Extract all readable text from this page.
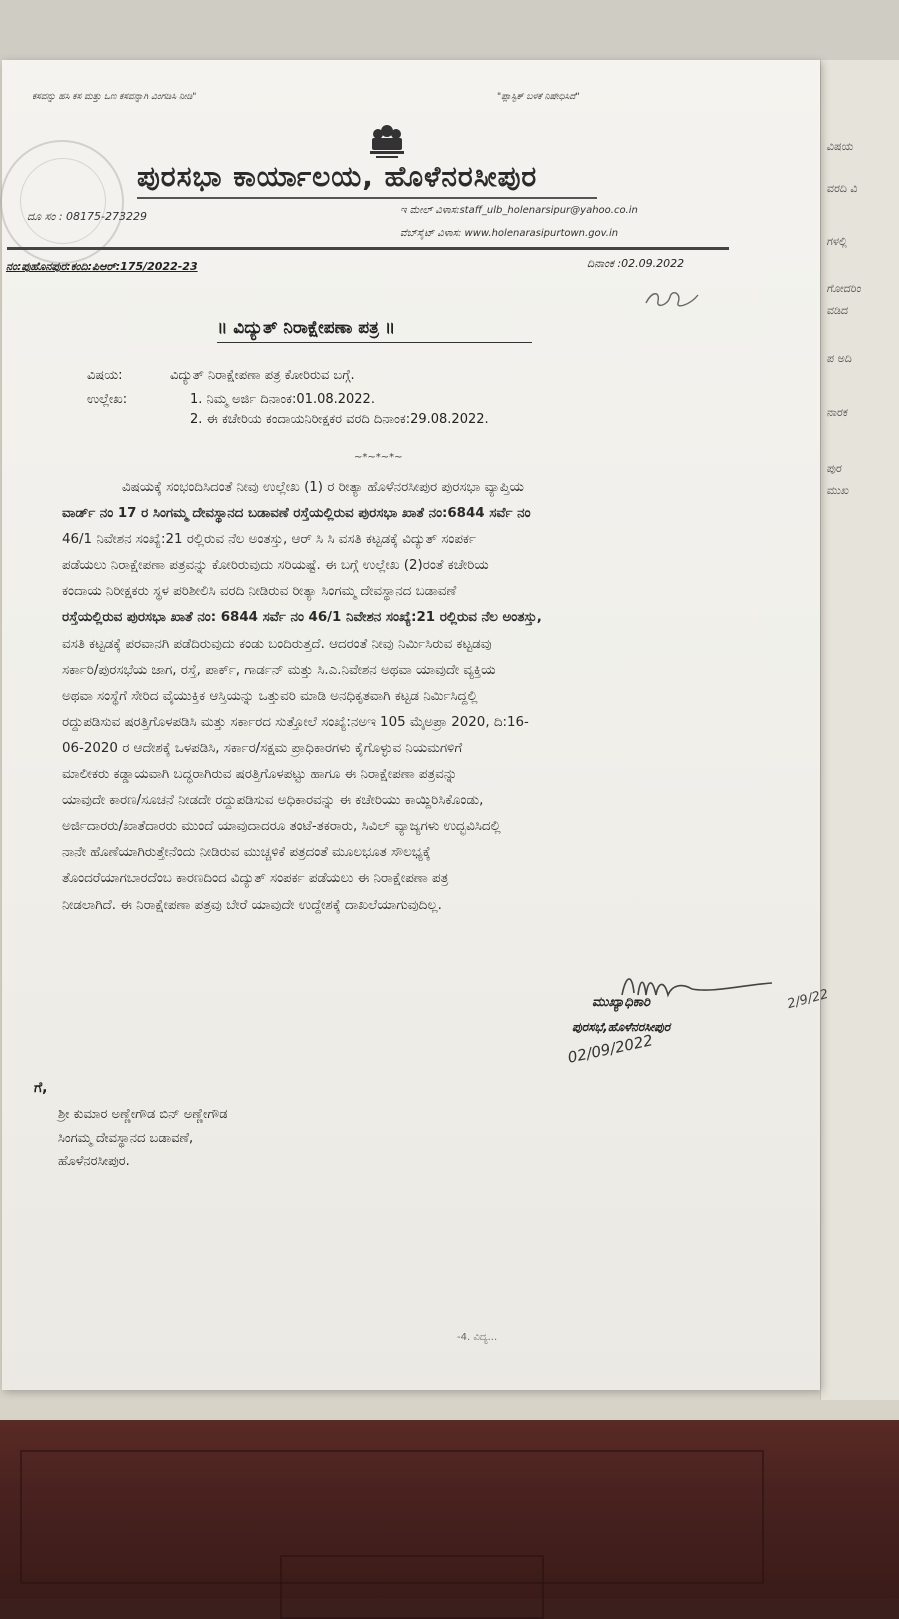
ವಿಷಯ
ವರದಿ ವಿ
ಗಳಲ್ಲಿ
ಗೋದರಿಂ
ವಡಿದ
ಪ ಅದಿ
ನಾರಕ
ಪುರ
ಮುಖ
ಕಸವನ್ನು ಹಸಿ ಕಸ ಮತ್ತು ಒಣ ಕಸವನ್ನಾಗಿ ವಿಂಗಡಿಸಿ ನೀಡಿ"	"ಪ್ಲಾಸ್ಟಿಕ್ ಬಳಕೆ ನಿಷೇಧಿಸಿದೆ"
ಪುರಸಭಾ ಕಾರ್ಯಾಲಯ, ಹೊಳೆನರಸೀಪುರ
ದೂ ಸಂ : 08175-273229	ಇ ಮೇಲ್ ವಿಳಾಸ:staff_ulb_holenarsipur@yahoo.co.in
ವೆಬ್‌ಸೈಟ್ ವಿಳಾಸ: www.holenarasipurtown.gov.in
ನಂ:ಪುಹೊನಪುರ:ಕಂದಿ:ಪಿಆರ್:175/2022-23	ದಿನಾಂಕ :02.09.2022
॥ ವಿದ್ಯುತ್ ನಿರಾಕ್ಷೇಪಣಾ ಪತ್ರ ॥
ವಿಷಯ:	ವಿದ್ಯುತ್ ನಿರಾಕ್ಷೇಪಣಾ ಪತ್ರ ಕೋರಿರುವ ಬಗ್ಗೆ.
ಉಲ್ಲೇಖ:	1. ನಿಮ್ಮ ಅರ್ಜಿ ದಿನಾಂಕ:01.08.2022.
2. ಈ ಕಚೇರಿಯ ಕಂದಾಯನಿರೀಕ್ಷಕರ ವರದಿ ದಿನಾಂಕ:29.08.2022.
~*~*~*~
ವಿಷಯಕ್ಕೆ ಸಂಭಂದಿಸಿದಂತೆ ನೀವು ಉಲ್ಲೇಖ (1) ರ ರೀತ್ಯಾ ಹೊಳೆನರಸೀಪುರ ಪುರಸಭಾ ವ್ಯಾಪ್ತಿಯ
ವಾರ್ಡ್ ನಂ 17 ರ ಸಿಂಗಮ್ಮ ದೇವಸ್ಥಾನದ ಬಡಾವಣೆ ರಸ್ತೆಯಲ್ಲಿರುವ ಪುರಸಭಾ ಖಾತೆ ನಂ:6844 ಸರ್ವೆ ನಂ
46/1 ನಿವೇಶನ ಸಂಖ್ಯೆ:21 ರಲ್ಲಿರುವ ನೆಲ ಅಂತಸ್ತು, ಆರ್ ಸಿ ಸಿ ವಸತಿ ಕಟ್ಟಡಕ್ಕೆ ವಿದ್ಯುತ್ ಸಂಪರ್ಕ
ಪಡೆಯಲು ನಿರಾಕ್ಷೇಪಣಾ ಪತ್ರವನ್ನು ಕೋರಿರುವುದು ಸರಿಯಷ್ಟೆ. ಈ ಬಗ್ಗೆ ಉಲ್ಲೇಖ (2)ರಂತೆ ಕಚೇರಿಯ
ಕಂದಾಯ ನಿರೀಕ್ಷಕರು ಸ್ಥಳ ಪರಿಶೀಲಿಸಿ ವರದಿ ನೀಡಿರುವ ರೀತ್ಯಾ ಸಿಂಗಮ್ಮ ದೇವಸ್ಥಾನದ ಬಡಾವಣೆ
ರಸ್ತೆಯಲ್ಲಿರುವ ಪುರಸಭಾ ಖಾತೆ ನಂ: 6844 ಸರ್ವೆ ನಂ 46/1 ನಿವೇಶನ ಸಂಖ್ಯೆ:21 ರಲ್ಲಿರುವ ನೆಲ ಅಂತಸ್ತು,
ವಸತಿ ಕಟ್ಟಡಕ್ಕೆ ಪರವಾನಗಿ ಪಡೆದಿರುವುದು ಕಂಡು ಬಂದಿರುತ್ತದೆ. ಆದರಂತೆ ನೀವು ನಿರ್ಮಿಸಿರುವ ಕಟ್ಟಡವು
ಸರ್ಕಾರಿ/ಪುರಸಭೆಯ ಜಾಗ, ರಸ್ತೆ, ಪಾರ್ಕ್, ಗಾರ್ಡನ್ ಮತ್ತು ಸಿ.ಎ.ನಿವೇಶನ ಅಥವಾ ಯಾವುದೇ ವ್ಯಕ್ತಿಯ
ಅಥವಾ ಸಂಸ್ಥೆಗೆ ಸೇರಿದ ವೈಯುಕ್ತಿಕ ಆಸ್ತಿಯನ್ನು ಒತ್ತುವರಿ ಮಾಡಿ ಅನಧಿಕೃತವಾಗಿ ಕಟ್ಟಡ ನಿರ್ಮಿಸಿದ್ದಲ್ಲಿ
ರದ್ದುಪಡಿಸುವ ಷರತ್ತಿಗೊಳಪಡಿಸಿ ಮತ್ತು ಸರ್ಕಾರದ ಸುತ್ತೋಲೆ ಸಂಖ್ಯೆ:ನಅಇ 105 ಮೈಅಪ್ರಾ 2020, ದಿ:16-
06-2020 ರ ಆದೇಶಕ್ಕೆ ಒಳಪಡಿಸಿ, ಸರ್ಕಾರ/ಸಕ್ಷಮ ಪ್ರಾಧಿಕಾರಗಳು ಕೈಗೊಳ್ಳುವ ನಿಯಮಗಳಿಗೆ
ಮಾಲೀಕರು ಕಡ್ಡಾಯವಾಗಿ ಬದ್ಧರಾಗಿರುವ ಷರತ್ತಿಗೊಳಪಟ್ಟು ಹಾಗೂ ಈ ನಿರಾಕ್ಷೇಪಣಾ ಪತ್ರವನ್ನು
ಯಾವುದೇ ಕಾರಣ/ಸೂಚನೆ ನೀಡದೇ ರದ್ದುಪಡಿಸುವ ಅಧಿಕಾರವನ್ನು ಈ ಕಚೇರಿಯು ಕಾಯ್ದಿರಿಸಿಕೊಂಡು,
ಅರ್ಜಿದಾರರು/ಖಾತೆದಾರರು ಮುಂದೆ ಯಾವುದಾದರೂ ತಂಟೆ-ತಕರಾರು, ಸಿವಿಲ್ ವ್ಯಾಜ್ಯಗಳು ಉದ್ಭವಿಸಿದಲ್ಲಿ
ನಾನೇ ಹೊಣೆಯಾಗಿರುತ್ತೇನೆಂದು ನೀಡಿರುವ ಮುಚ್ಚಳಿಕೆ ಪತ್ರದಂತೆ ಮೂಲಭೂತ ಸೌಲಭ್ಯಕ್ಕೆ
ತೊಂದರೆಯಾಗಬಾರದೆಂಬ ಕಾರಣದಿಂದ ವಿದ್ಯುತ್ ಸಂಪರ್ಕ ಪಡೆಯಲು ಈ ನಿರಾಕ್ಷೇಪಣಾ ಪತ್ರ
ನೀಡಲಾಗಿದೆ. ಈ ನಿರಾಕ್ಷೇಪಣಾ ಪತ್ರವು ಬೇರೆ ಯಾವುದೇ ಉದ್ದೇಶಕ್ಕೆ ದಾಖಲೆಯಾಗುವುದಿಲ್ಲ.
ಮುಖ್ಯಾಧಿಕಾರಿ
ಪುರಸಭೆ,ಹೊಳೆನರಸೀಪುರ
02/09/2022
2/9/22
ಗೆ,
ಶ್ರೀ ಕುಮಾರ ಅಣ್ಣೇಗೌಡ ಬಿನ್ ಅಣ್ಣೇಗೌಡ
ಸಿಂಗಮ್ಮ ದೇವಸ್ಥಾನದ ಬಡಾವಣೆ,
ಹೊಳೆನರಸೀಪುರ.
-4. ವಿದ್ಯ...
